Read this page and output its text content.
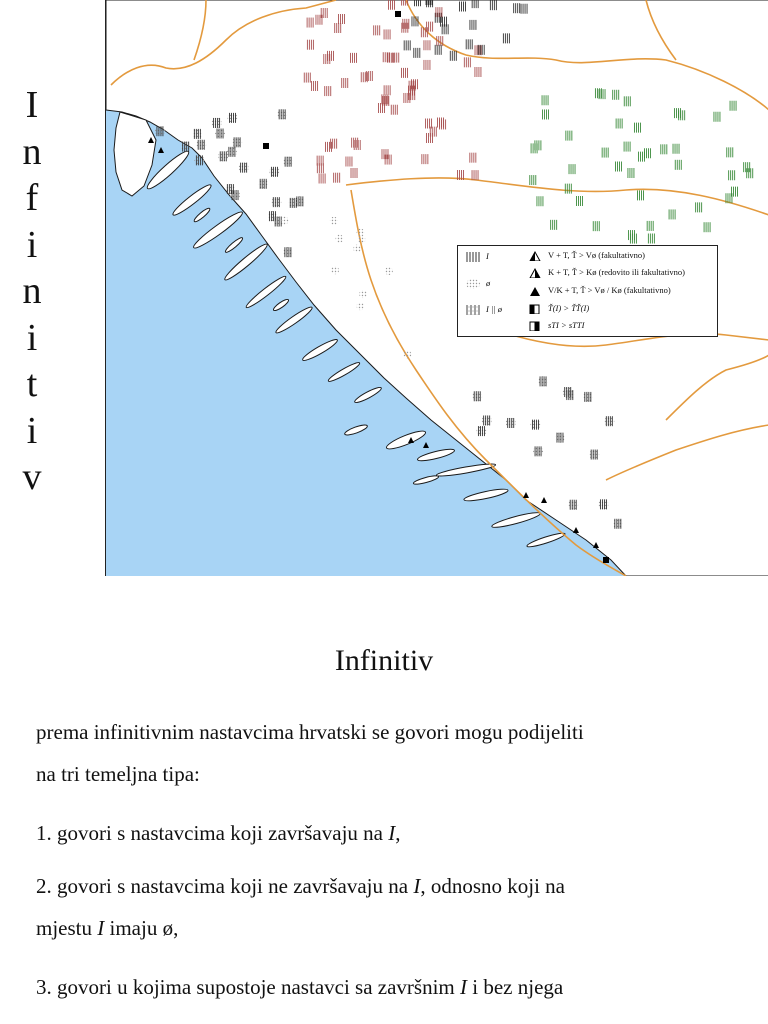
I
n
f
i
n
i
t
i
v
I
ø
I || ø
V + T, Ť > Vø (fakultativno)
K + T, Ť > Kø (redovito ili fakultativno)
V/K + T, Ť > Vø / Kø (fakultativno)
Ť(I) > ŤŤ(I)
sTI > sTTI
Infinitiv

prema infinitivnim nastavcima hrvatski se govori mogu podijeliti
na tri temeljna tipa:

1. govori s nastavcima koji završavaju na I,

2. govori s nastavcima koji ne završavaju na I, odnosno koji na
mjestu I imaju ø,

3. govori u kojima supostoje nastavci sa završnim I i bez njega
